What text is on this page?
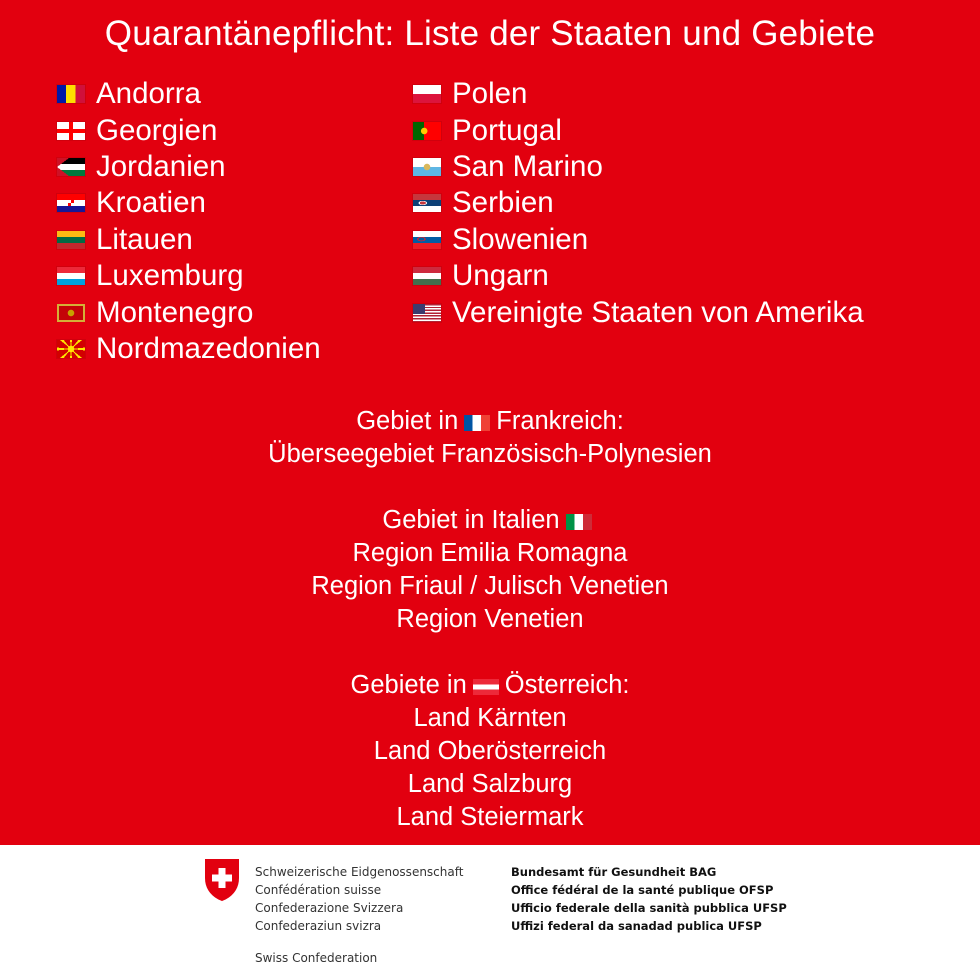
Quarantänepflicht: Liste der Staaten und Gebiete
Andorra
Georgien
Jordanien
Kroatien
Litauen
Luxemburg
Montenegro
Nordmazedonien
Polen
Portugal
San Marino
Serbien
Slowenien
Ungarn
Vereinigte Staaten von Amerika
Gebiet in Frankreich:
Überseegebiet Französisch-Polynesien
Gebiet in Italien
Region Emilia Romagna
Region Friaul / Julisch Venetien
Region Venetien
Gebiete in Österreich:
Land Kärnten
Land Oberösterreich
Land Salzburg
Land Steiermark
Schweizerische Eidgenossenschaft
Confédération suisse
Confederazione Svizzera
Confederaziun svizra
Swiss Confederation
Bundesamt für Gesundheit BAG
Office fédéral de la santé publique OFSP
Ufficio federale della sanità pubblica UFSP
Uffizi federal da sanadad publica UFSP
